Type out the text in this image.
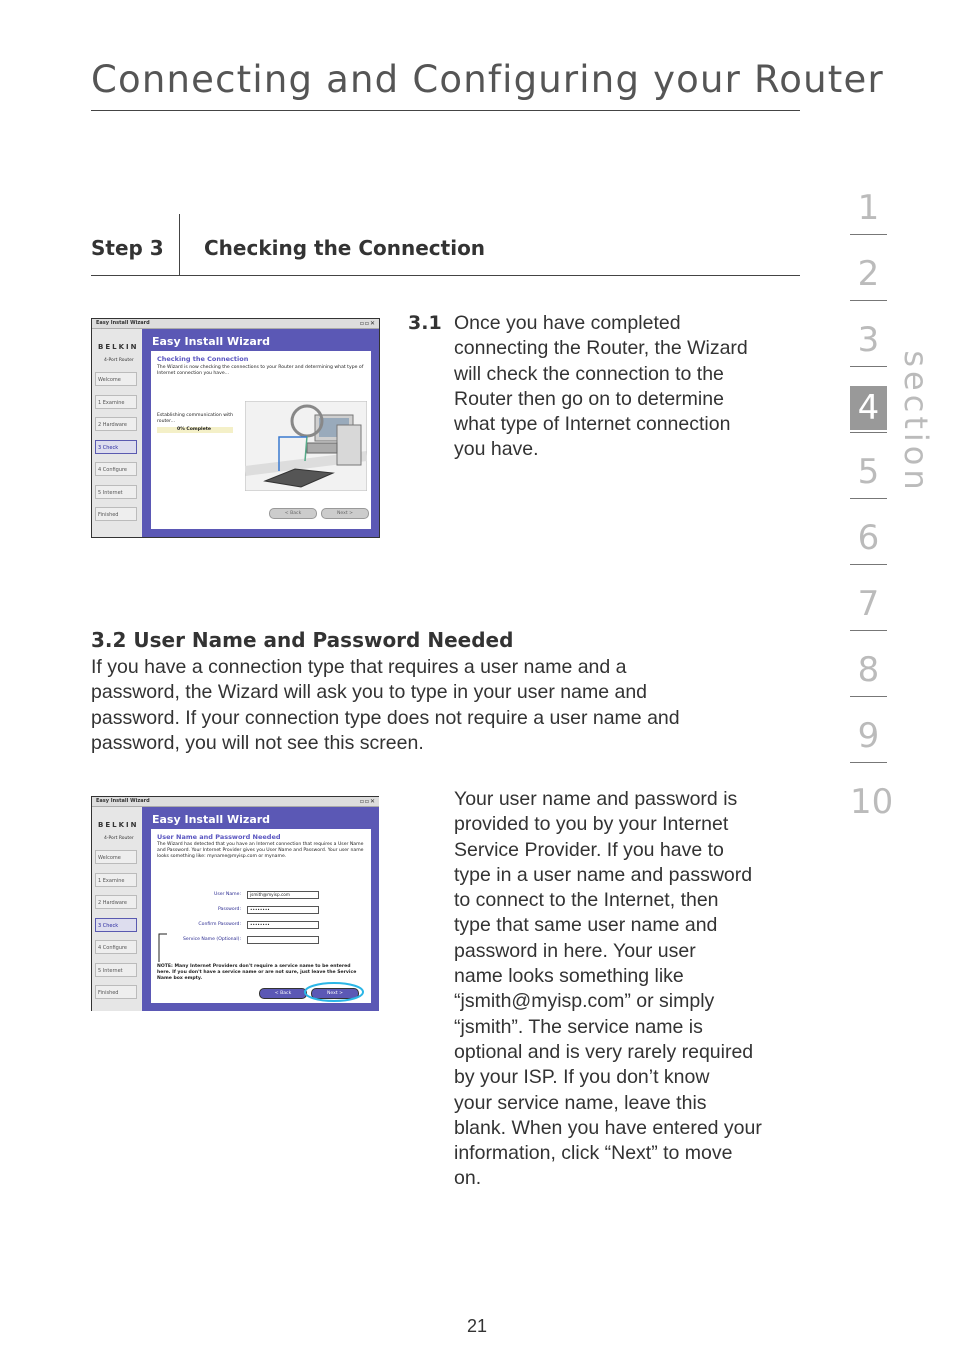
Connecting and Configuring your Router
Step 3 Checking the Connection
Easy Install Wizard	▫▫✕
BELKIN
4-Port Router
Welcome
1 Examine
2 Hardware
3 Check
4 Configure
5 Internet
Finished
Easy Install Wizard
Checking the Connection
The Wizard is now checking the connections to your Router and determining what type of Internet connection you have...
Establishing communication with router...
0% Complete
< Back	Next >
3.1 Once you have completed
connecting the Router, the Wizard
will check the connection to the
Router then go on to determine
what type of Internet connection
you have.
3.2 User Name and Password Needed
If you have a connection type that requires a user name and a
password, the Wizard will ask you to type in your user name and
password. If your connection type does not require a user name and
password, you will not see this screen.
Easy Install Wizard	▫▫✕
BELKIN
4-Port Router
Welcome
1 Examine
2 Hardware
3 Check
4 Configure
5 Internet
Finished
Easy Install Wizard
User Name and Password Needed
The Wizard has detected that you have an Internet connection that requires a User Name and Password. Your Internet Provider gives you User Name and Password. Your user name looks something like: myname@myisp.com or myname.
User Name:	jsmith@myisp.com
Password:	••••••••
Confirm Password:	••••••••
Service Name (Optional):
NOTE: Many Internet Providers don't require a service name to be entered here. If you don't have a service name or are not sure, just leave the Service Name box empty.
< Back	Next >
Your user name and password is
provided to you by your Internet
Service Provider. If you have to
type in a user name and password
to connect to the Internet, then
type that same user name and
password in here. Your user
name looks something like
“jsmith@myisp.com” or simply
“jsmith”. The service name is
optional and is very rarely required
by your ISP. If you don’t know
your service name, leave this
blank. When you have entered your
information, click “Next” to move
on.
1
2
3
4
5
6
7
8
9
10
section
21
